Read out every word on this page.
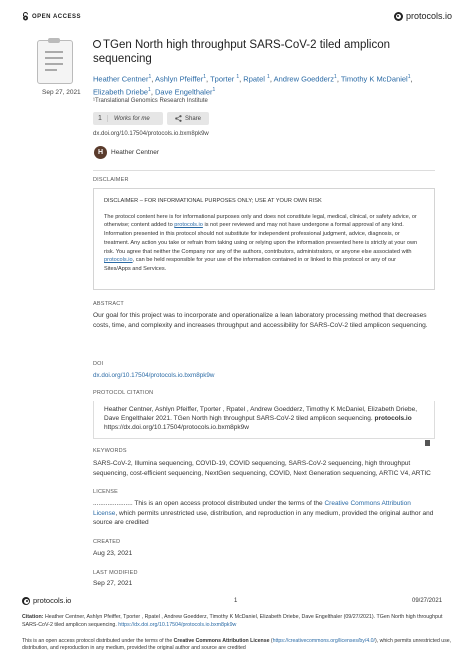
OPEN ACCESS	protocols.io
Sep 27, 2021
TGen North high throughput SARS-CoV-2 tiled amplicon sequencing
Heather Centner$^1$, Ashlyn Pfeiffer$^1$, Tporter $^1$, Rpatel $^1$, Andrew Goedderz$^1$, Timothy K McDaniel$^1$,
Elizabeth Driebe$^1$, Dave Engelthaler$^1$
¹Translational Genomics Research Institute
1	Works for me	Share
dx.doi.org/10.17504/protocols.io.bxm8pk9w
H	Heather Centner
DISCLAIMER

DISCLAIMER – FOR INFORMATIONAL PURPOSES ONLY; USE AT YOUR OWN RISK

The protocol content here is for informational purposes only and does not constitute legal, medical, clinical, or safety advice, or otherwise; content added to protocols.io is not peer reviewed and may not have undergone a formal approval of any kind. Information presented in this protocol should not substitute for independent professional judgment, advice, diagnosis, or treatment. Any action you take or refrain from taking using or relying upon the information presented here is strictly at your own risk. You agree that neither the Company nor any of the authors, contributors, administrators, or anyone else associated with protocols.io, can be held responsible for your use of the information contained in or linked to this protocol or any of our Sites/Apps and Services.

ABSTRACT
Our goal for this project was to incorporate and operationalize a lean laboratory processing method that decreases costs, time, and complexity and increases throughput and accessibility for SARS-CoV-2 tiled amplicon sequencing.
DOI
dx.doi.org/10.17504/protocols.io.bxm8pk9w
PROTOCOL CITATION
Heather Centner, Ashlyn Pfeiffer, Tporter , Rpatel , Andrew Goedderz, Timothy K McDaniel, Elizabeth Driebe, Dave Engelthaler 2021. TGen North high throughput SARS-CoV-2 tiled amplicon sequencing. protocols.io
https://dx.doi.org/10.17504/protocols.io.bxm8pk9w
KEYWORDS
SARS-CoV-2, Illumina sequencing, COVID-19, COVID sequencing, SARS-CoV-2 sequencing, high throughput sequencing, cost-efficient sequencing, NextGen sequencing, COVID, Next Generation sequencing, ARTIC V4, ARTIC
LICENSE
...................... This is an open access protocol distributed under the terms of the Creative Commons Attribution License, which permits unrestricted use, distribution, and reproduction in any medium, provided the original author and source are credited
CREATED
Aug 23, 2021
LAST MODIFIED
Sep 27, 2021
protocols.io	1	09/27/2021
Citation: Heather Centner, Ashlyn Pfeiffer, Tporter , Rpatel , Andrew Goedderz, Timothy K McDaniel, Elizabeth Driebe, Dave Engelthaler (09/27/2021). TGen North high throughput SARS-CoV-2 tiled amplicon sequencing. https://dx.doi.org/10.17504/protocols.io.bxm8pk9w
This is an open access protocol distributed under the terms of the Creative Commons Attribution License (https://creativecommons.org/licenses/by/4.0/), which permits unrestricted use, distribution, and reproduction in any medium, provided the original author and source are credited
